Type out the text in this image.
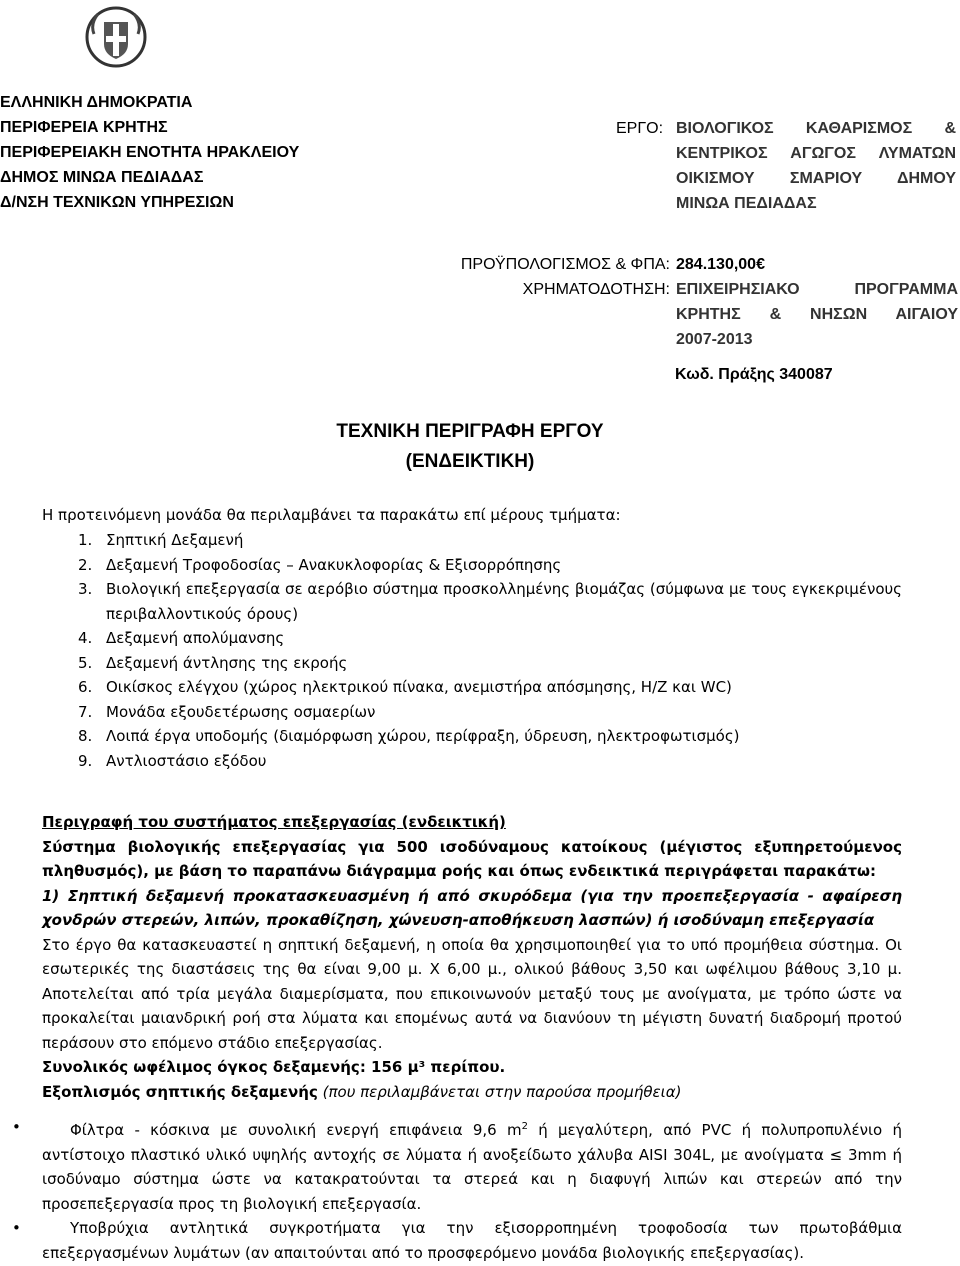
ΕΛΛΗΝΙΚΗ ΔΗΜΟΚΡΑΤΙΑ
ΠΕΡΙΦΕΡΕΙΑ ΚΡΗΤΗΣ
ΠΕΡΙΦΕΡΕΙΑΚΗ ΕΝΟΤΗΤΑ ΗΡΑΚΛΕΙΟΥ
ΔΗΜΟΣ ΜΙΝΩΑ ΠΕΔΙΑΔΑΣ
Δ/ΝΣΗ ΤΕΧΝΙΚΩΝ ΥΠΗΡΕΣΙΩΝ
ΕΡΓΟ: ΒΙΟΛΟΓΙΚΟΣ ΚΑΘΑΡΙΣΜΟΣ &
ΚΕΝΤΡΙΚΟΣ ΑΓΩΓΟΣ ΛΥΜΑΤΩΝ
ΟΙΚΙΣΜΟΥ ΣΜΑΡΙΟΥ ΔΗΜΟΥ
ΜΙΝΩΑ ΠΕΔΙΑΔΑΣ
ΠΡΟΫΠΟΛΟΓΙΣΜΟΣ & ΦΠΑ: 284.130,00€
ΧΡΗΜΑΤΟΔΟΤΗΣΗ: ΕΠΙΧΕΙΡΗΣΙΑΚΟ ΠΡΟΓΡΑΜΜΑ
ΚΡΗΤΗΣ & ΝΗΣΩΝ ΑΙΓΑΙΟΥ
2007-2013
Κωδ. Πράξης 340087
ΤΕΧΝΙΚΗ ΠΕΡΙΓΡΑΦΗ ΕΡΓΟΥ
(ΕΝΔΕΙΚΤΙΚΗ)
Η προτεινόμενη μονάδα θα περιλαμβάνει τα παρακάτω επί μέρους τμήματα:
1. Σηπτική Δεξαμενή
2. Δεξαμενή Τροφοδοσίας – Ανακυκλοφορίας & Εξισορρόπησης
3. Βιολογική επεξεργασία σε αερόβιο σύστημα προσκολλημένης βιομάζας (σύμφωνα με τους εγκεκριμένους περιβαλλοντικούς όρους)
4. Δεξαμενή απολύμανσης
5. Δεξαμενή άντλησης της εκροής
6. Οικίσκος ελέγχου (χώρος ηλεκτρικού πίνακα, ανεμιστήρα απόσμησης, Η/Ζ και WC)
7. Μονάδα εξουδετέρωσης οσμαερίων
8. Λοιπά έργα υποδομής (διαμόρφωση χώρου, περίφραξη, ύδρευση, ηλεκτροφωτισμός)
9. Αντλιοστάσιο εξόδου

Περιγραφή του συστήματος επεξεργασίας (ενδεικτική)

Σύστημα βιολογικής επεξεργασίας για 500 ισοδύναμους κατοίκους (μέγιστος εξυπηρετούμενος πληθυσμός), με βάση το παραπάνω διάγραμμα ροής και όπως ενδεικτικά περιγράφεται παρακάτω:

1) Σηπτική δεξαμενή προκατασκευασμένη ή από σκυρόδεμα (για την προεπεξεργασία - αφαίρεση χονδρών στερεών, λιπών, προκαθίζηση, χώνευση-αποθήκευση λασπών) ή ισοδύναμη επεξεργασία

Στο έργο θα κατασκευαστεί η σηπτική δεξαμενή, η οποία θα χρησιμοποιηθεί για το υπό προμήθεια σύστημα. Οι εσωτερικές της διαστάσεις της θα είναι 9,00 μ. Χ 6,00 μ., ολικού βάθους 3,50 και ωφέλιμου βάθους 3,10 μ. Αποτελείται από τρία μεγάλα διαμερίσματα, που επικοινωνούν μεταξύ τους με ανοίγματα, με τρόπο ώστε να προκαλείται μαιανδρική ροή στα λύματα και επομένως αυτά να διανύουν τη μέγιστη δυνατή διαδρομή προτού περάσουν στο επόμενο στάδιο επεξεργασίας.

Συνολικός ωφέλιμος όγκος δεξαμενής: 156 μ³ περίπου.

Εξοπλισμός σηπτικής δεξαμενής (που περιλαμβάνεται στην παρούσα προμήθεια)

•	Φίλτρα - κόσκινα με συνολική ενεργή επιφάνεια 9,6 $m^2$ ή μεγαλύτερη, από PVC ή πολυπροπυλένιο ή αντίστοιχο πλαστικό υλικό υψηλής αντοχής σε λύματα ή ανοξείδωτο χάλυβα AISI 304L, με ανοίγματα ≤ 3mm ή ισοδύναμο σύστημα ώστε να κατακρατούνται τα στερεά και η διαφυγή λιπών και στερεών από την προσεπεξεργασία προς τη βιολογική επεξεργασία.
•	Υποβρύχια αντλητικά συγκροτήματα για την εξισορροπημένη τροφοδοσία των πρωτοβάθμια επεξεργασμένων λυμάτων (αν απαιτούνται από το προσφερόμενο μονάδα βιολογικής επεξεργασίας).
